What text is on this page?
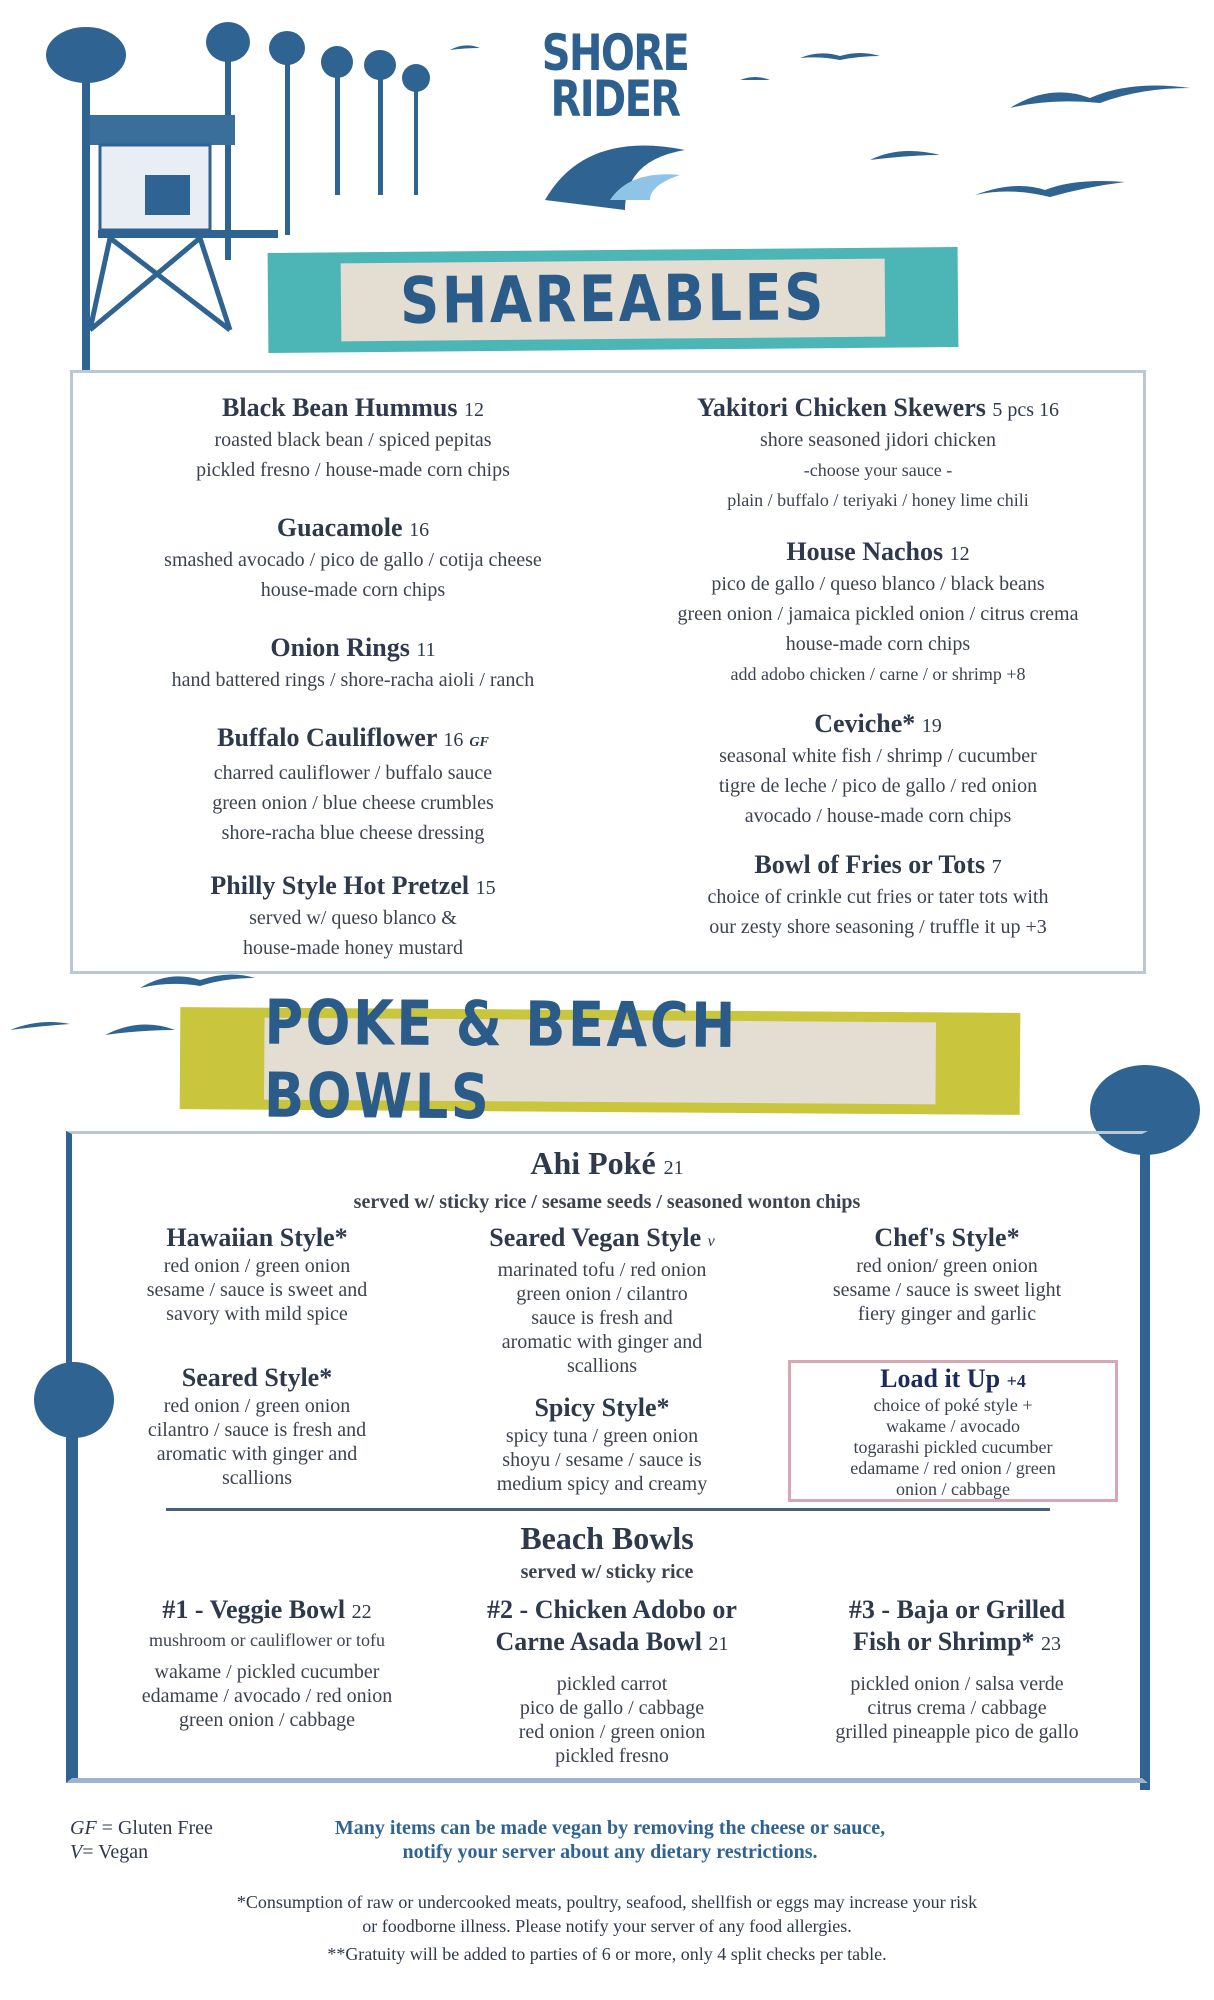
SHORE
RIDER
SHAREABLES
Black Bean Hummus 12
roasted black bean / spiced pepitas
pickled fresno / house-made corn chips
Guacamole 16
smashed avocado / pico de gallo / cotija cheese
house-made corn chips
Onion Rings 11
hand battered rings / shore-racha aioli / ranch
Buffalo Cauliflower 16 GF
charred cauliflower / buffalo sauce
green onion / blue cheese crumbles
shore-racha blue cheese dressing
Philly Style Hot Pretzel 15
served w/ queso blanco &
house-made honey mustard
Yakitori Chicken Skewers 5 pcs 16
shore seasoned jidori chicken
-choose your sauce -
plain / buffalo / teriyaki / honey lime chili
House Nachos 12
pico de gallo / queso blanco / black beans
green onion / jamaica pickled onion / citrus crema
house-made corn chips
add adobo chicken / carne / or shrimp +8
Ceviche* 19
seasonal white fish / shrimp / cucumber
tigre de leche / pico de gallo / red onion
avocado / house-made corn chips
Bowl of Fries or Tots 7
choice of crinkle cut fries or tater tots with
our zesty shore seasoning / truffle it up +3
POKE & BEACH BOWLS
Ahi Poké 21
served w/ sticky rice / sesame seeds / seasoned wonton chips
Hawaiian Style*
red onion / green onion
sesame / sauce is sweet and
savory with mild spice
Seared Vegan Style v
marinated tofu / red onion
green onion / cilantro
sauce is fresh and
aromatic with ginger and
scallions
Chef's Style*
red onion/ green onion
sesame / sauce is sweet light
fiery ginger and garlic
Seared Style*
red onion / green onion
cilantro / sauce is fresh and
aromatic with ginger and
scallions
Spicy Style*
spicy tuna / green onion
shoyu / sesame / sauce is
medium spicy and creamy
Load it Up +4
choice of poké style +
wakame / avocado
togarashi pickled cucumber
edamame / red onion / green
onion / cabbage
Beach Bowls
served w/ sticky rice
#1 - Veggie Bowl 22
mushroom or cauliflower or tofu
wakame / pickled cucumber
edamame / avocado / red onion
green onion / cabbage
#2 - Chicken Adobo or
Carne Asada Bowl 21
pickled carrot
pico de gallo / cabbage
red onion / green onion
pickled fresno
#3 - Baja or Grilled
Fish or Shrimp* 23
pickled onion / salsa verde
citrus crema / cabbage
grilled pineapple pico de gallo
GF = Gluten Free
V= Vegan
Many items can be made vegan by removing the cheese or sauce,
notify your server about any dietary restrictions.
*Consumption of raw or undercooked meats, poultry, seafood, shellfish or eggs may increase your risk
or foodborne illness. Please notify your server of any food allergies.
**Gratuity will be added to parties of 6 or more, only 4 split checks per table.
